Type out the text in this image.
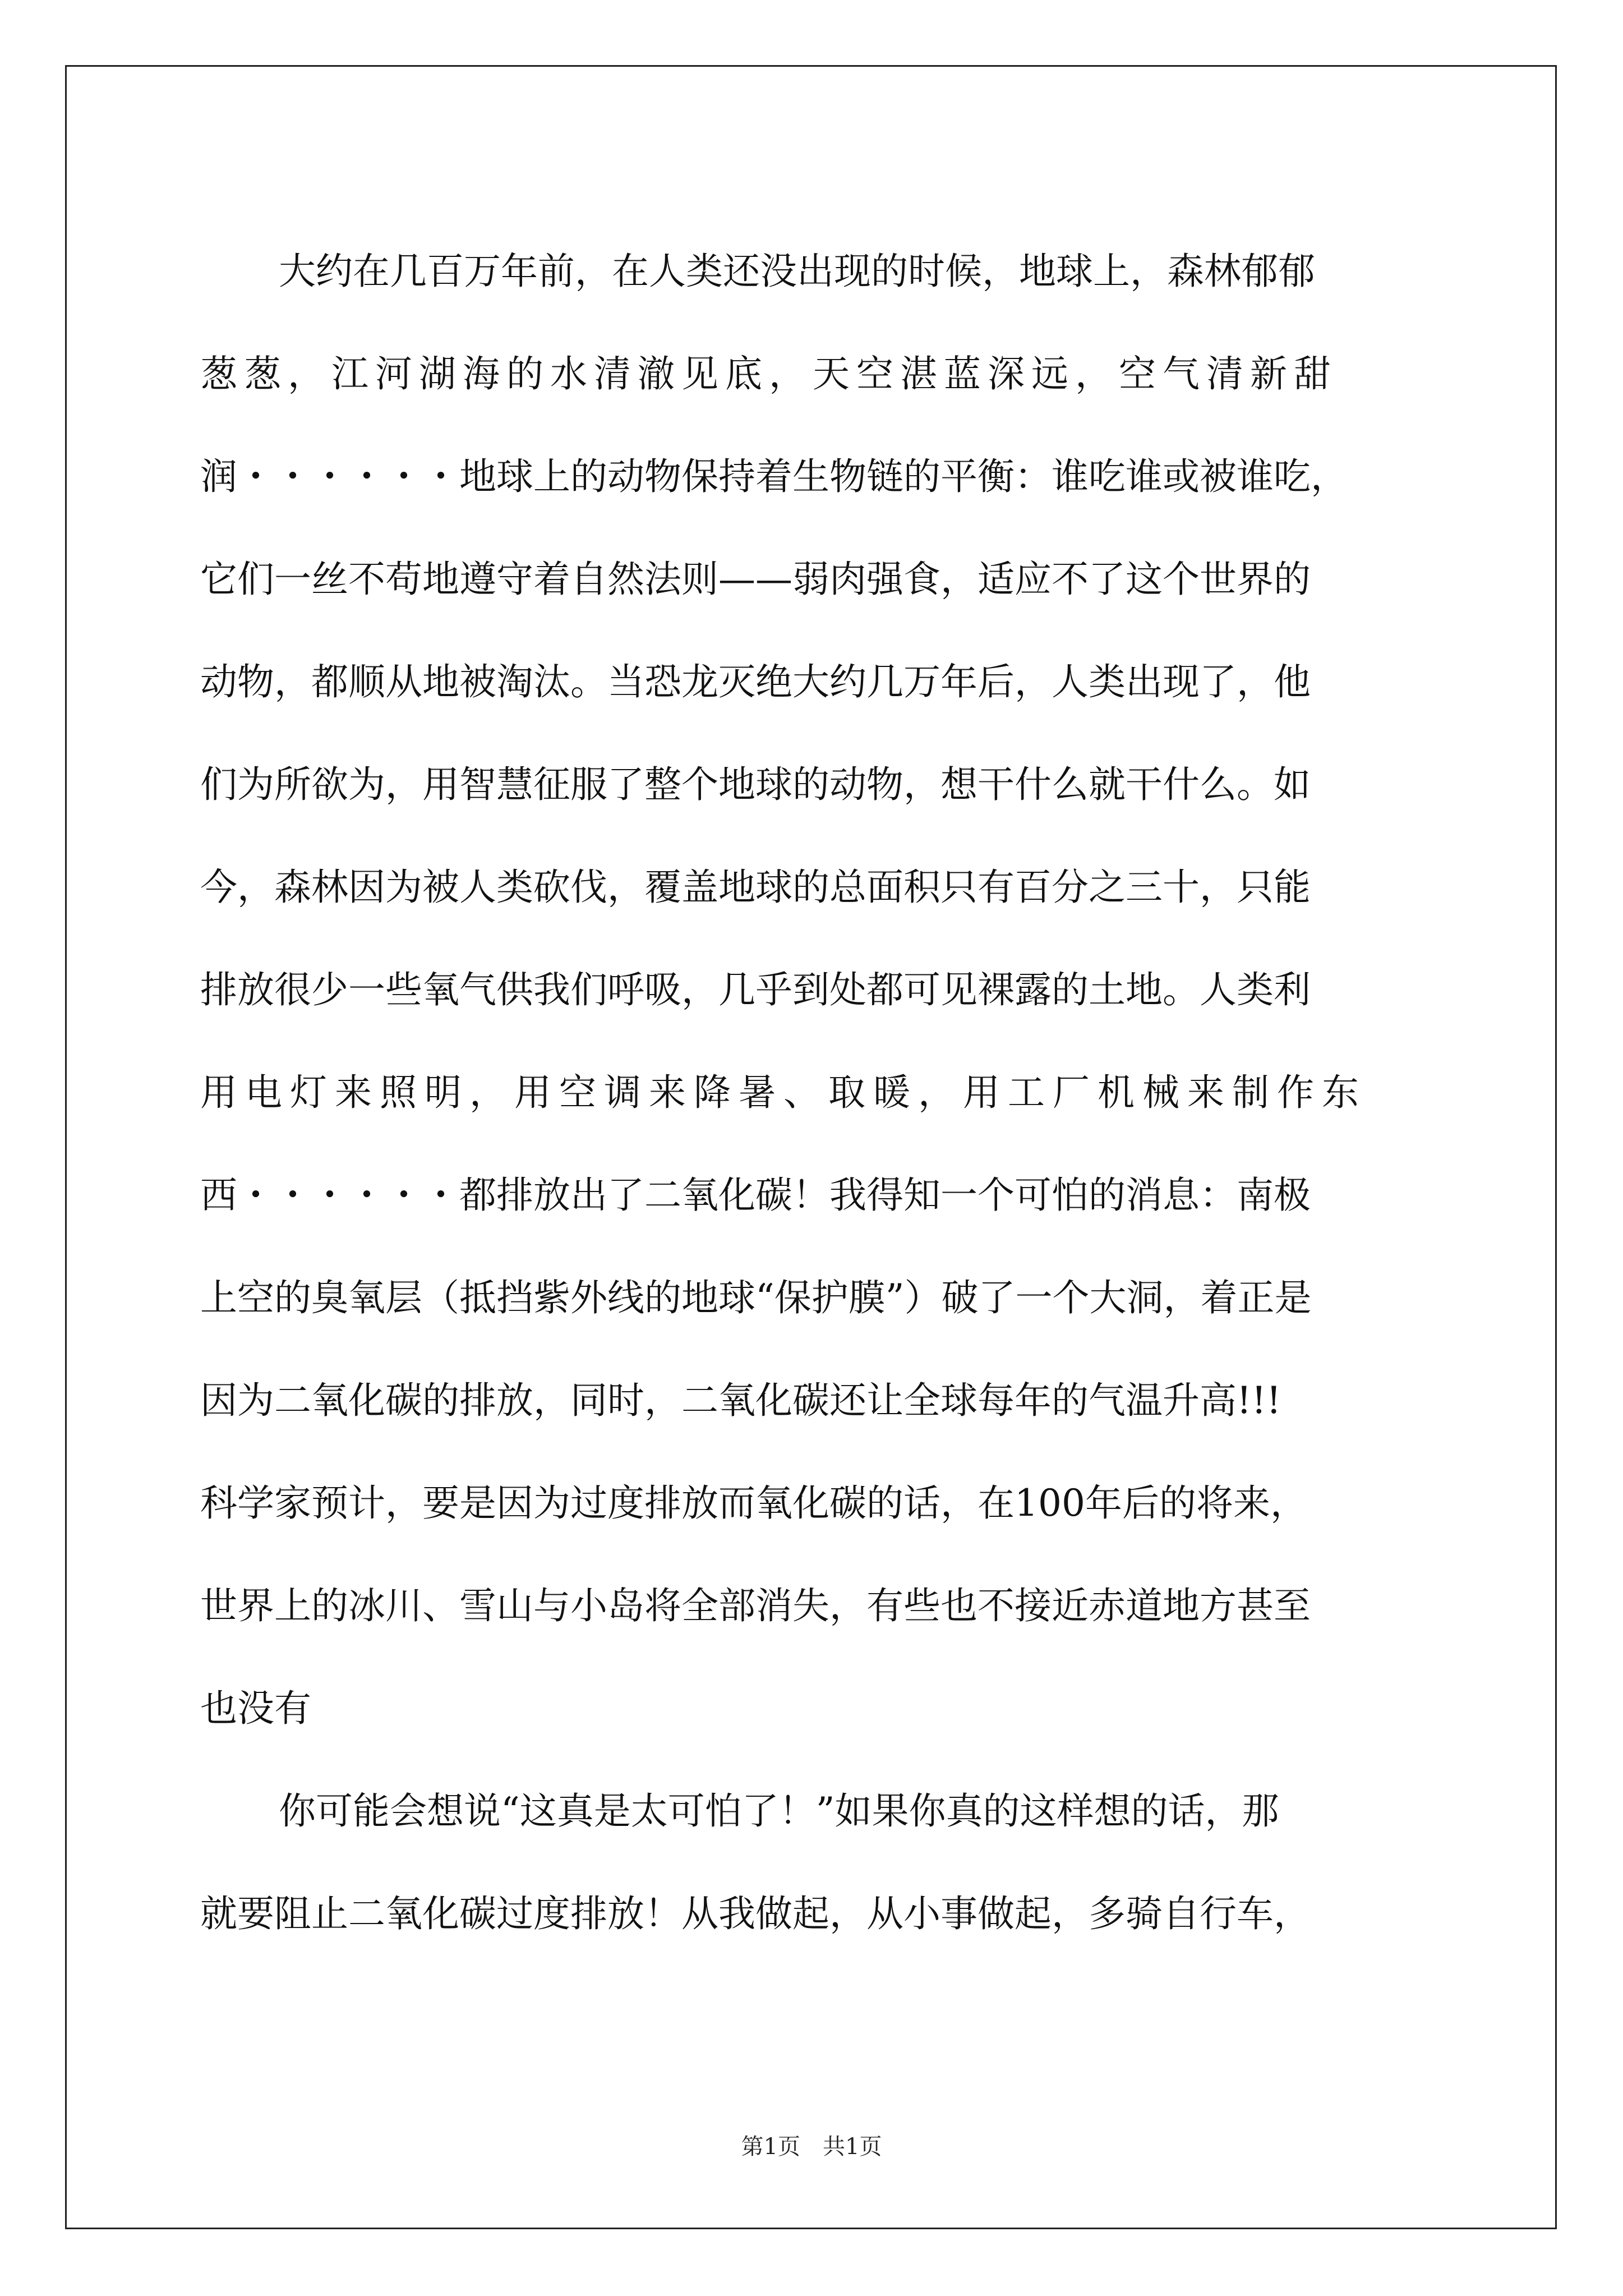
大约在几百万年前，在人类还没出现的时候，地球上，森林郁郁
葱葱，江河湖海的水清澈见底，天空湛蓝深远，空气清新甜
润・・・・・・地球上的动物保持着生物链的平衡：谁吃谁或被谁吃，
它们一丝不苟地遵守着自然法则——弱肉强食，适应不了这个世界的
动物，都顺从地被淘汰。当恐龙灭绝大约几万年后，人类出现了，他
们为所欲为，用智慧征服了整个地球的动物，想干什么就干什么。如
今，森林因为被人类砍伐，覆盖地球的总面积只有百分之三十，只能
排放很少一些氧气供我们呼吸，几乎到处都可见裸露的土地。人类利
用电灯来照明，用空调来降暑、取暖，用工厂机械来制作东
西・・・・・・都排放出了二氧化碳！我得知一个可怕的消息：南极
上空的臭氧层（抵挡紫外线的地球“保护膜”）破了一个大洞，着正是
因为二氧化碳的排放，同时，二氧化碳还让全球每年的气温升高!!!
科学家预计，要是因为过度排放而氧化碳的话，在100年后的将来，
世界上的冰川、雪山与小岛将全部消失，有些也不接近赤道地方甚至
也没有
你可能会想说“这真是太可怕了！”如果你真的这样想的话，那
就要阻止二氧化碳过度排放！从我做起，从小事做起，多骑自行车，
第1页　共1页
